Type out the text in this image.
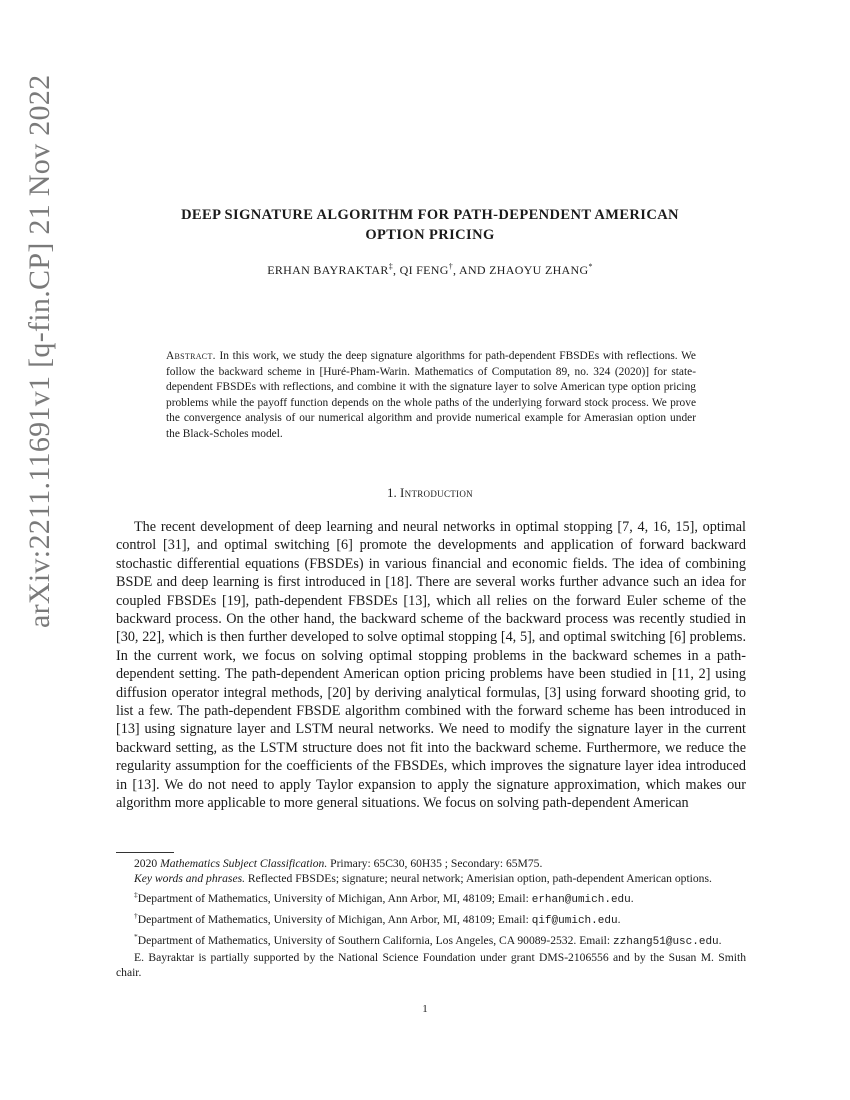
arXiv:2211.11691v1 [q-fin.CP] 21 Nov 2022	DEEP SIGNATURE ALGORITHM FOR PATH-DEPENDENT AMERICAN
OPTION PRICING
ERHAN BAYRAKTAR‡, QI FENG†, AND ZHAOYU ZHANG*
Abstract. In this work, we study the deep signature algorithms for path-dependent FBSDEs with reflections. We follow the backward scheme in [Huré-Pham-Warin. Mathematics of Computation 89, no. 324 (2020)] for state-dependent FBSDEs with reflections, and combine it with the signature layer to solve American type option pricing problems while the payoff function depends on the whole paths of the underlying forward stock process. We prove the convergence analysis of our numerical algorithm and provide numerical example for Amerasian option under the Black-Scholes model.
1. Introduction

The recent development of deep learning and neural networks in optimal stopping [7, 4, 16, 15], optimal control [31], and optimal switching [6] promote the developments and application of forward backward stochastic differential equations (FBSDEs) in various financial and economic fields. The idea of combining BSDE and deep learning is first introduced in [18]. There are several works further advance such an idea for coupled FBSDEs [19], path-dependent FBSDEs [13], which all relies on the forward Euler scheme of the backward process. On the other hand, the backward scheme of the backward process was recently studied in [30, 22], which is then further developed to solve optimal stopping [4, 5], and optimal switching [6] problems. In the current work, we focus on solving optimal stopping problems in the backward schemes in a path-dependent setting. The path-dependent American option pricing problems have been studied in [11, 2] using diffusion operator integral methods, [20] by deriving analytical formulas, [3] using forward shooting grid, to list a few. The path-dependent FBSDE algorithm combined with the forward scheme has been introduced in [13] using signature layer and LSTM neural networks. We need to modify the signature layer in the current backward setting, as the LSTM structure does not fit into the backward scheme. Furthermore, we reduce the regularity assumption for the coefficients of the FBSDEs, which improves the signature layer idea introduced in [13]. We do not need to apply Taylor expansion to apply the signature approximation, which makes our algorithm more applicable to more general situations. We focus on solving path-dependent American

2020 Mathematics Subject Classification. Primary: 65C30, 60H35 ; Secondary: 65M75.

Key words and phrases. Reflected FBSDEs; signature; neural network; Amerisian option, path-dependent American options.

‡Department of Mathematics, University of Michigan, Ann Arbor, MI, 48109; Email: erhan@umich.edu.

†Department of Mathematics, University of Michigan, Ann Arbor, MI, 48109; Email: qif@umich.edu.

*Department of Mathematics, University of Southern California, Los Angeles, CA 90089-2532. Email: zzhang51@usc.edu.

E. Bayraktar is partially supported by the National Science Foundation under grant DMS-2106556 and by the Susan M. Smith chair.

1
